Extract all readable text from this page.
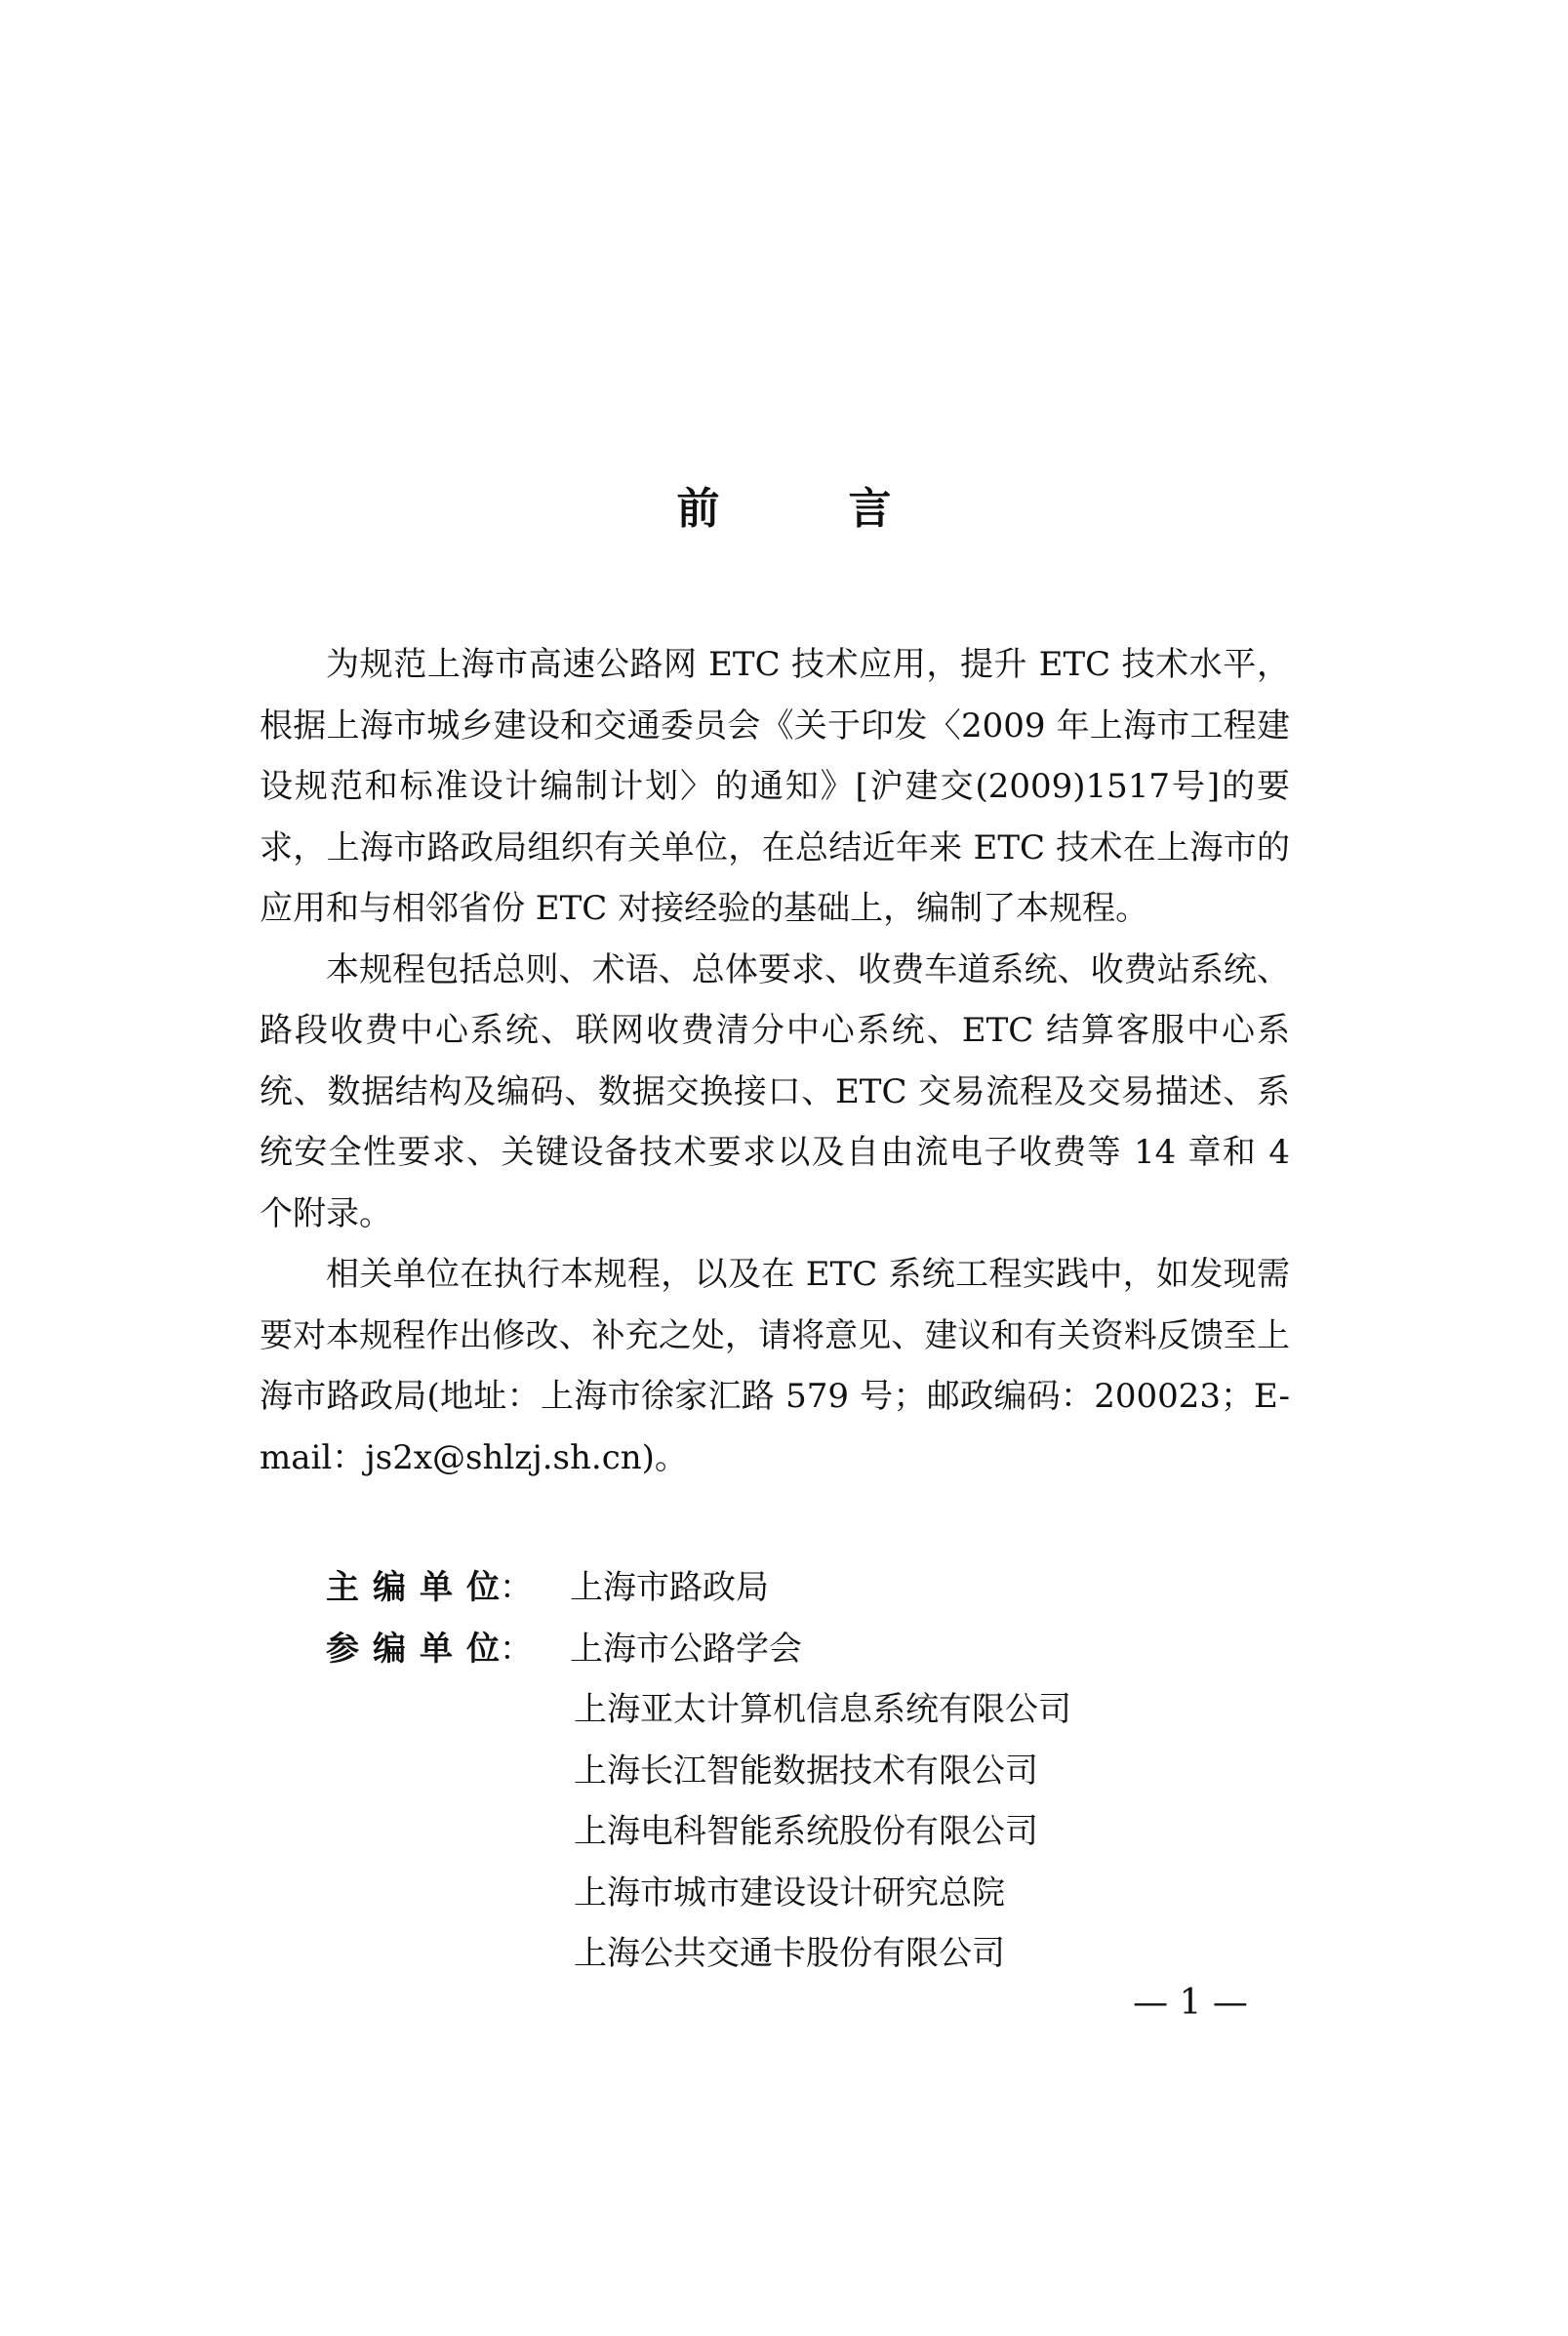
前　言

为规范上海市高速公路网 ETC 技术应用，提升 ETC 技术水平，根据上海市城乡建设和交通委员会《关于印发〈2009 年上海市工程建设规范和标准设计编制计划〉的通知》[沪建交(2009)1517号]的要求，上海市路政局组织有关单位，在总结近年来 ETC 技术在上海市的应用和与相邻省份 ETC 对接经验的基础上，编制了本规程。

本规程包括总则、术语、总体要求、收费车道系统、收费站系统、路段收费中心系统、联网收费清分中心系统、ETC 结算客服中心系统、数据结构及编码、数据交换接口、ETC 交易流程及交易描述、系统安全性要求、关键设备技术要求以及自由流电子收费等 14 章和 4 个附录。

相关单位在执行本规程，以及在 ETC 系统工程实践中，如发现需要对本规程作出修改、补充之处，请将意见、建议和有关资料反馈至上海市路政局(地址：上海市徐家汇路 579 号；邮政编码：200023；E-mail：js2x@shlzj.sh.cn)。

主 编 单 位：	上海市路政局
参 编 单 位：	上海市公路学会
上海亚太计算机信息系统有限公司
上海长江智能数据技术有限公司
上海电科智能系统股份有限公司
上海市城市建设设计研究总院
上海公共交通卡股份有限公司
— 1 —
